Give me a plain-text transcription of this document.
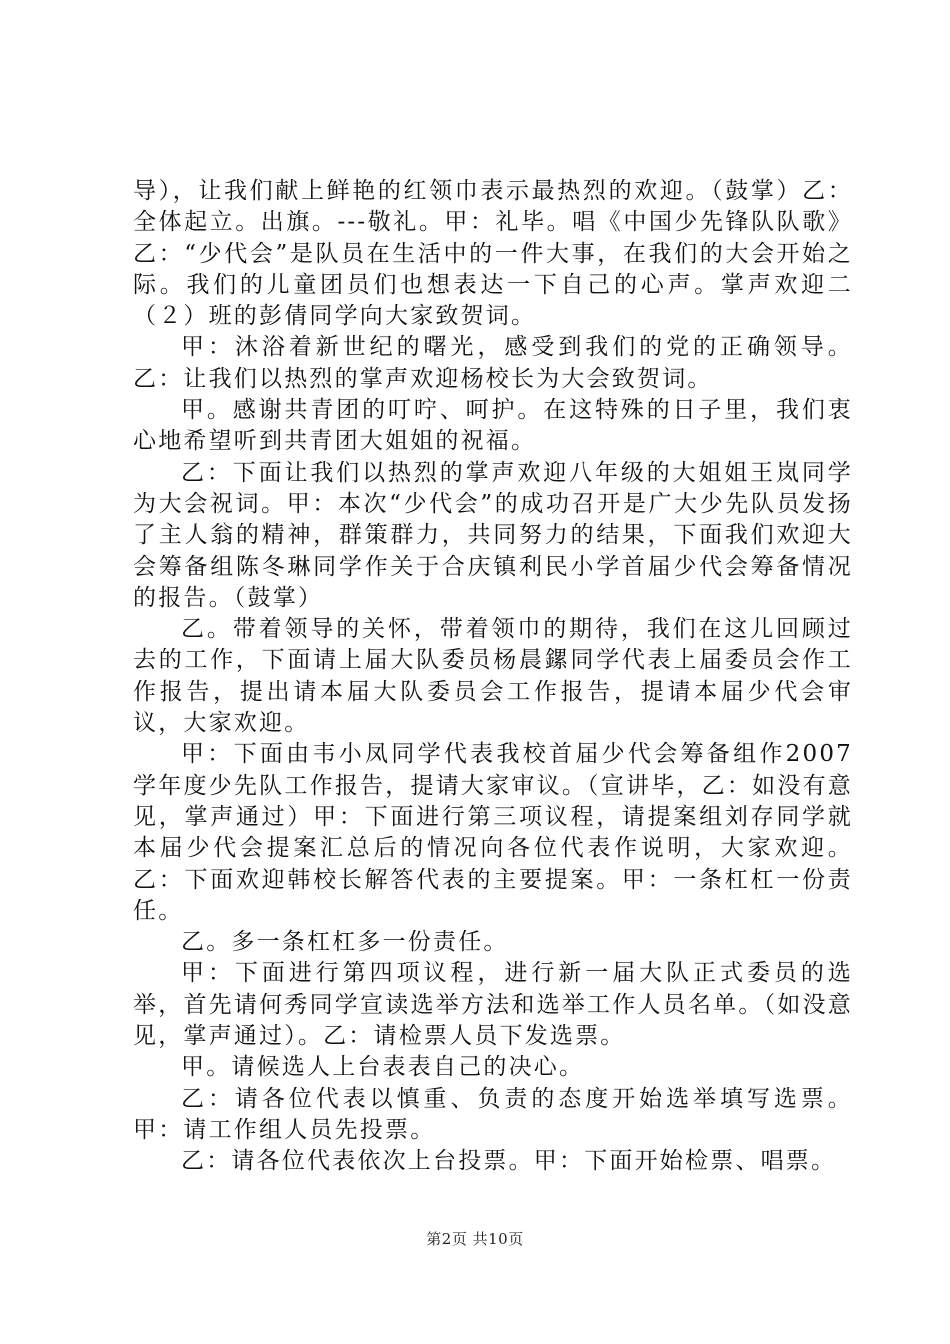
导），让我们献上鲜艳的红领巾表示最热烈的欢迎。（鼓掌）乙：全体起立。出旗。---敬礼。甲：礼毕。唱《中国少先锋队队歌》乙：“少代会”是队员在生活中的一件大事，在我们的大会开始之际。我们的儿童团员们也想表达一下自己的心声。掌声欢迎二（２）班的彭倩同学向大家致贺词。

甲：沐浴着新世纪的曙光，感受到我们的党的正确领导。乙：让我们以热烈的掌声欢迎杨校长为大会致贺词。

甲。感谢共青团的叮咛、呵护。在这特殊的日子里，我们衷心地希望听到共青团大姐姐的祝福。

乙：下面让我们以热烈的掌声欢迎八年级的大姐姐王岚同学为大会祝词。甲：本次“少代会”的成功召开是广大少先队员发扬了主人翁的精神，群策群力，共同努力的结果，下面我们欢迎大会筹备组陈冬琳同学作关于合庆镇利民小学首届少代会筹备情况的报告。（鼓掌）

乙。带着领导的关怀，带着领巾的期待，我们在这儿回顾过去的工作，下面请上届大队委员杨晨鏍同学代表上届委员会作工作报告，提出请本届大队委员会工作报告，提请本届少代会审议，大家欢迎。

甲：下面由韦小凤同学代表我校首届少代会筹备组作2007学年度少先队工作报告，提请大家审议。（宣讲毕，乙：如没有意见，掌声通过）甲：下面进行第三项议程，请提案组刘存同学就本届少代会提案汇总后的情况向各位代表作说明，大家欢迎。乙：下面欢迎韩校长解答代表的主要提案。甲：一条杠杠一份责任。

乙。多一条杠杠多一份责任。

甲：下面进行第四项议程，进行新一届大队正式委员的选举，首先请何秀同学宣读选举方法和选举工作人员名单。（如没意见，掌声通过）。乙：请检票人员下发选票。

甲。请候选人上台表表自己的决心。

乙：请各位代表以慎重、负责的态度开始选举填写选票。甲：请工作组人员先投票。

乙：请各位代表依次上台投票。甲：下面开始检票、唱票。

第2页 共10页
